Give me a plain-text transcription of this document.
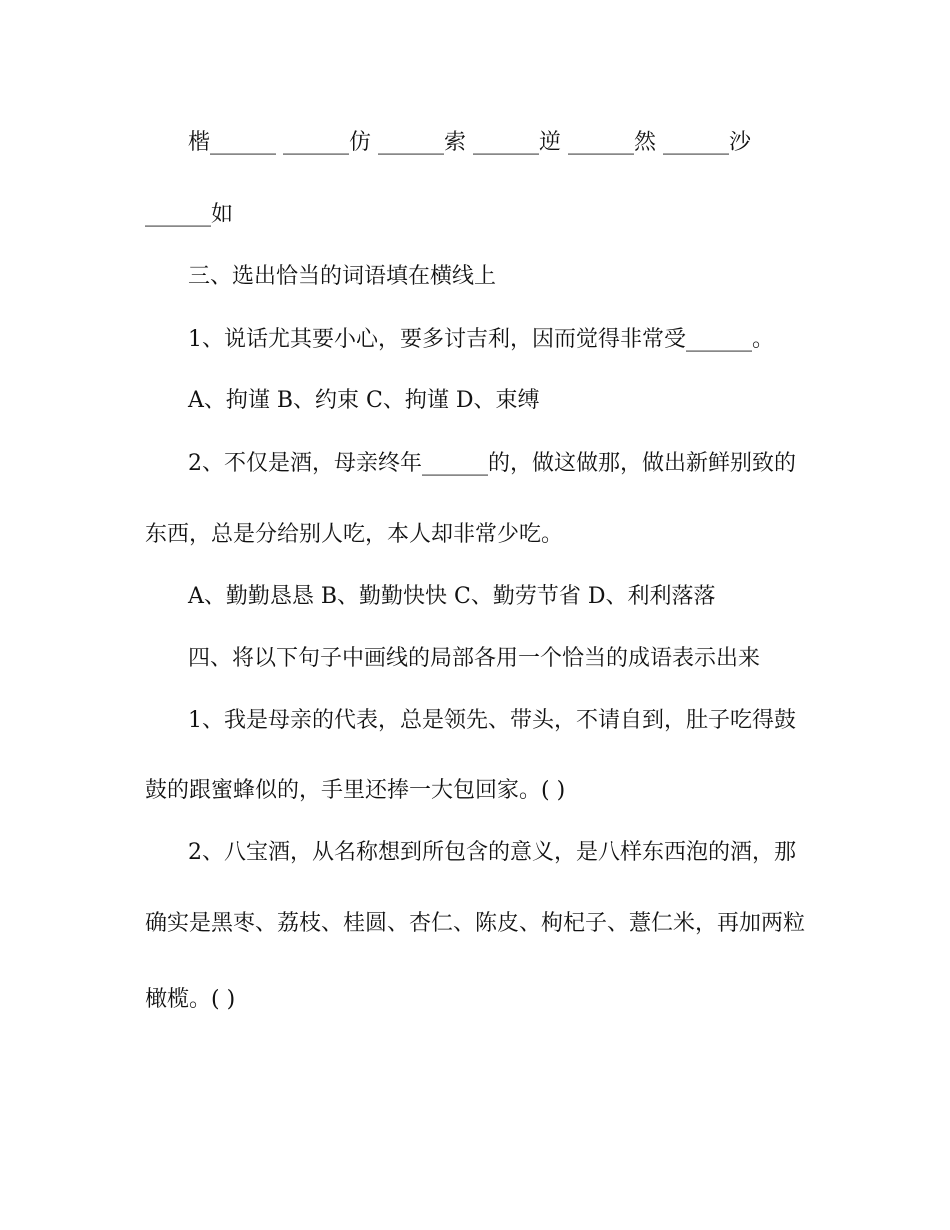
楷______ ______仿 ______索 ______逆 ______然 ______沙
______如
三、选出恰当的词语填在横线上
1、说话尤其要小心，要多讨吉利，因而觉得非常受______。
A、拘谨 B、约束 C、拘谨 D、束缚
2、不仅是酒，母亲终年______的，做这做那，做出新鲜别致的
东西，总是分给别人吃，本人却非常少吃。
A、勤勤恳恳 B、勤勤快快 C、勤劳节省 D、利利落落
四、将以下句子中画线的局部各用一个恰当的成语表示出来
1、我是母亲的代表，总是领先、带头，不请自到，肚子吃得鼓
鼓的跟蜜蜂似的，手里还捧一大包回家。( )
2、八宝酒，从名称想到所包含的意义，是八样东西泡的酒，那
确实是黑枣、荔枝、桂圆、杏仁、陈皮、枸杞子、薏仁米，再加两粒
橄榄。( )
